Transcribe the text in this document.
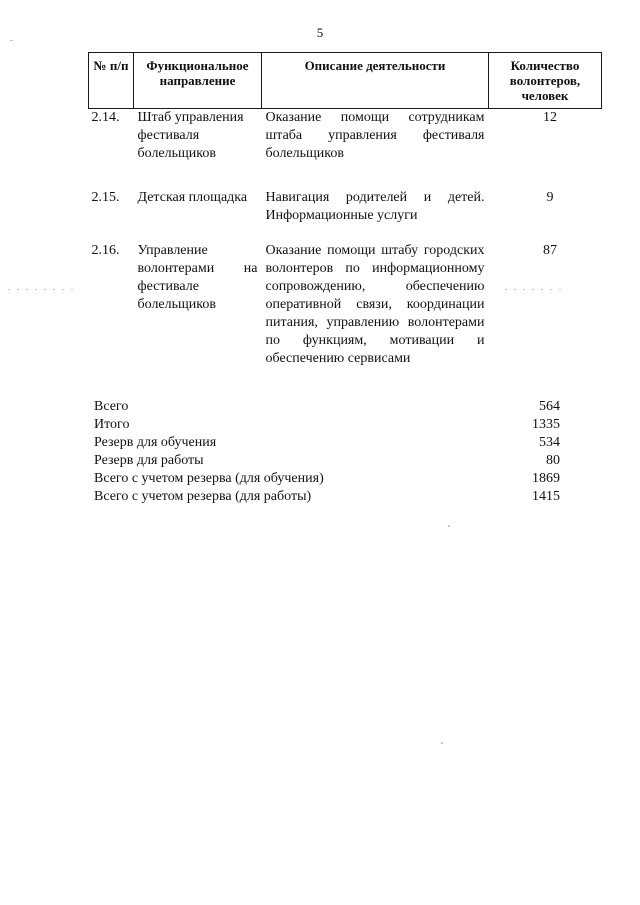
5
№ п/п	Функциональное направление	Описание деятельности	Количество волонтеров, человек
2.14.	Штаб управления фестиваля болельщиков	Оказание помощи сотрудникам штаба управления фестиваля болельщиков	12
2.15.	Детская площадка	Навигация родителей и детей. Информационные услуги	9
2.16.	Управление волонтерами на фестивале болельщиков	Оказание помощи штабу городских волонтеров по информационному сопровождению, обеспечению оперативной связи, координации питания, управлению волонтерами по функциям, мотивации и обеспечению сервисами	87
Всего	564
Итого	1335
Резерв для обучения	534
Резерв для работы	80
Всего с учетом резерва (для обучения)	1869
Всего с учетом резерва (для работы)	1415
